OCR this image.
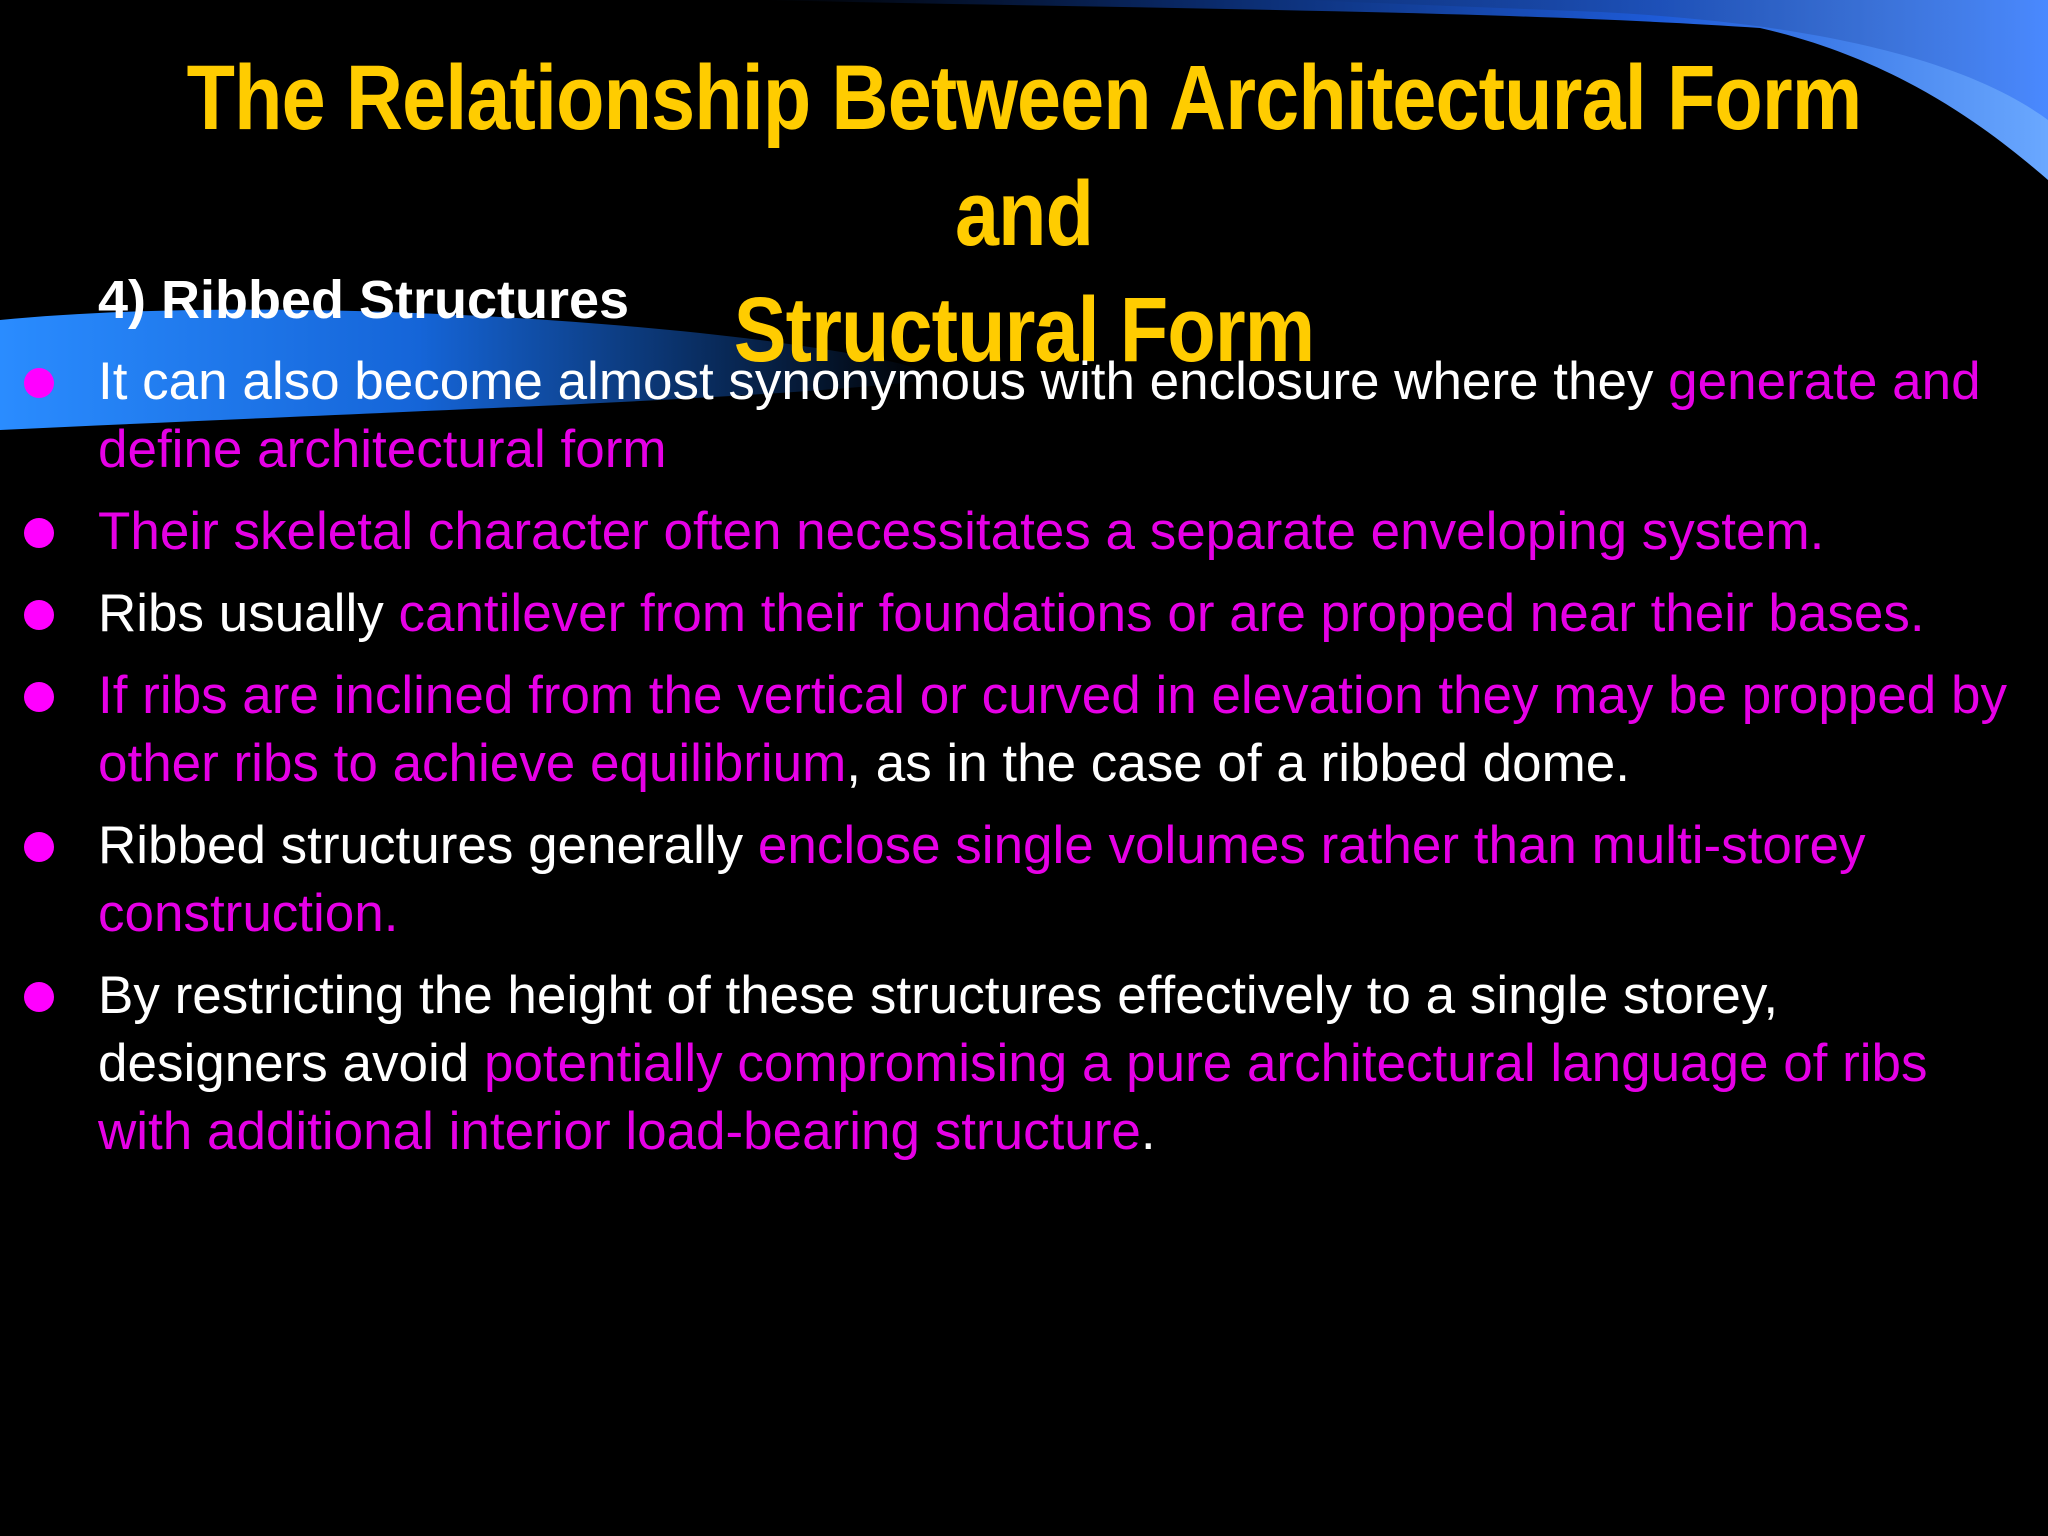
The Relationship Between Architectural Form and
Structural Form
4) Ribbed Structures
It can also become almost synonymous with enclosure where they generate and define architectural form
Their skeletal character often necessitates a separate enveloping system.
Ribs usually cantilever from their foundations or are propped near their bases.
If ribs are inclined from the vertical or curved in elevation they may be propped by other ribs to achieve equilibrium, as in the case of a ribbed dome.
Ribbed structures generally enclose single volumes rather than multi-storey construction.
By restricting the height of these structures effectively to a single storey, designers avoid potentially compromising a pure architectural language of ribs with additional interior load-bearing structure.
